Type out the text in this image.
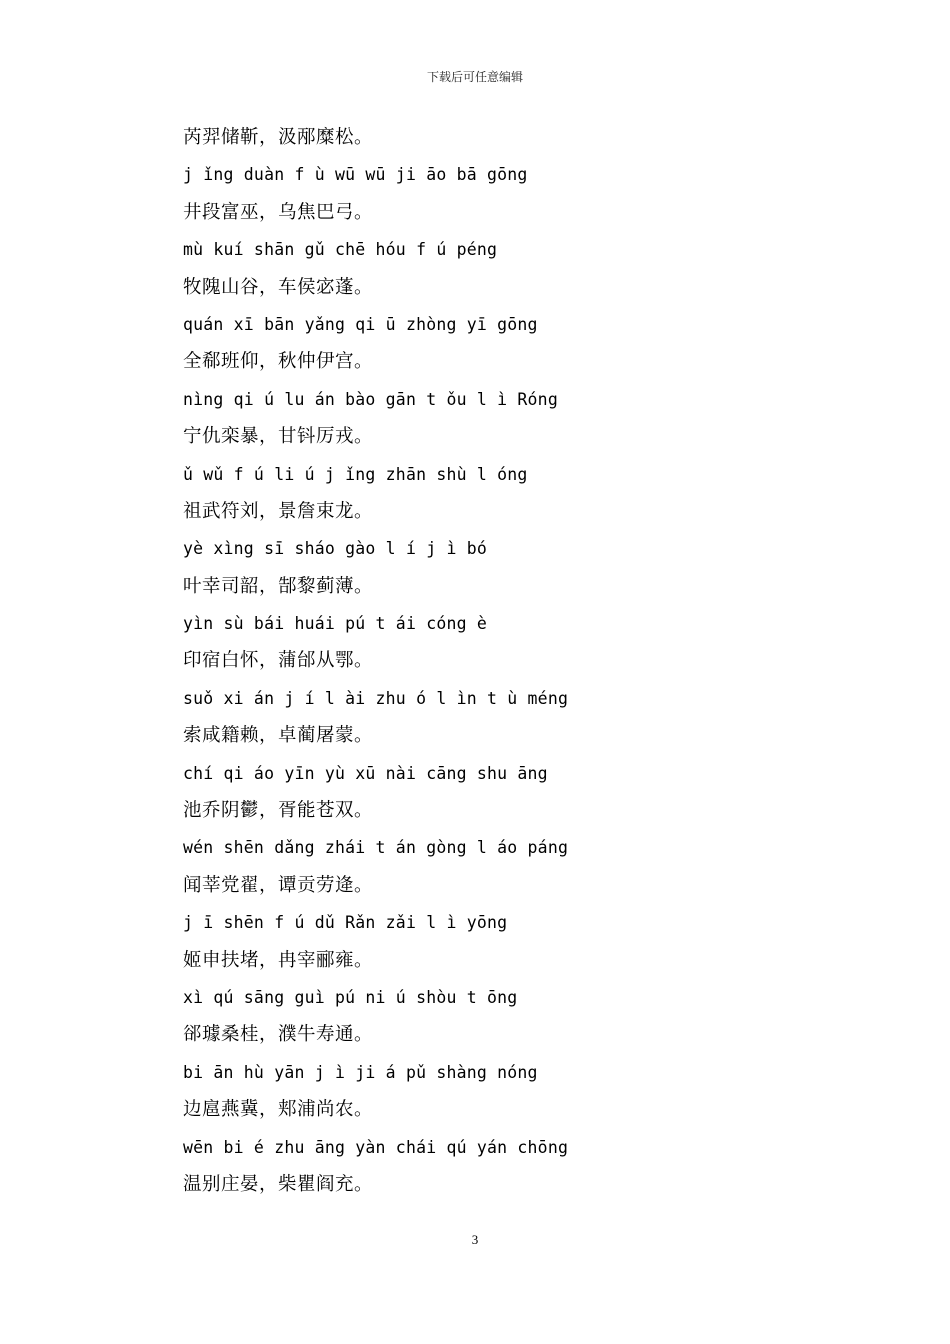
下载后可任意编辑
芮羿储靳，汲邴糜松。
j ǐng duàn f ù wū wū ji āo bā gōng
井段富巫，乌焦巴弓。
mù kuí shān gǔ chē hóu f ú péng
牧隗山谷，车侯宓蓬。
quán xī bān yǎng qi ū zhòng yī gōng
全郗班仰，秋仲伊宫。
nìng qi ú lu án bào gān t ǒu l ì Róng
宁仇栾暴，甘钭厉戎。
ǔ wǔ f ú li ú j ǐng zhān shù l óng
祖武符刘，景詹束龙。
yè xìng sī sháo gào l í j ì bó
叶幸司韶，郜黎蓟薄。
yìn sù bái huái pú t ái cóng è
印宿白怀，蒲邰从鄂。
suǒ xi án j í l ài zhu ó l ìn t ù méng
索咸籍赖，卓蔺屠蒙。
chí qi áo yīn yù xū nài cāng shu āng
池乔阴鬱，胥能苍双。
wén shēn dǎng zhái t án gòng l áo páng
闻莘党翟，谭贡劳逄。
j ī shēn f ú dǔ Rǎn zǎi l ì yōng
姬申扶堵，冉宰郦雍。
xì qú sāng guì pú ni ú shòu t ōng
郤璩桑桂，濮牛寿通。
bi ān hù yān j ì ji á pǔ shàng nóng
边扈燕冀，郏浦尚农。
wēn bi é zhu āng yàn chái qú yán chōng
温别庄晏，柴瞿阎充。
3
